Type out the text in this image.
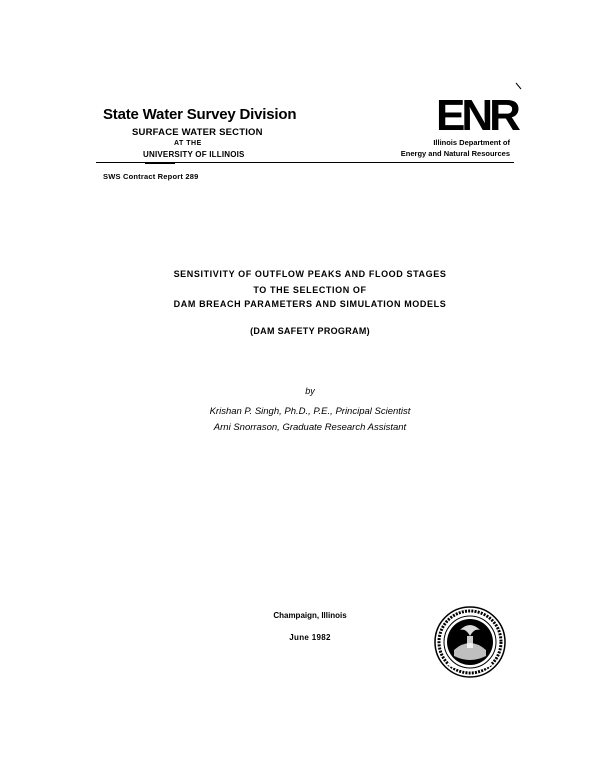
State Water Survey Division
SURFACE WATER SECTION
AT THE
UNIVERSITY OF ILLINOIS
ENR
Illinois Department of
Energy and Natural Resources
SWS Contract Report 289
SENSITIVITY OF OUTFLOW PEAKS AND FLOOD STAGES
TO THE SELECTION OF
DAM BREACH PARAMETERS AND SIMULATION MODELS
(DAM SAFETY PROGRAM)
by
Krishan P. Singh, Ph.D., P.E., Principal Scientist
Arni Snorrason, Graduate Research Assistant
Champaign, Illinois
June 1982
